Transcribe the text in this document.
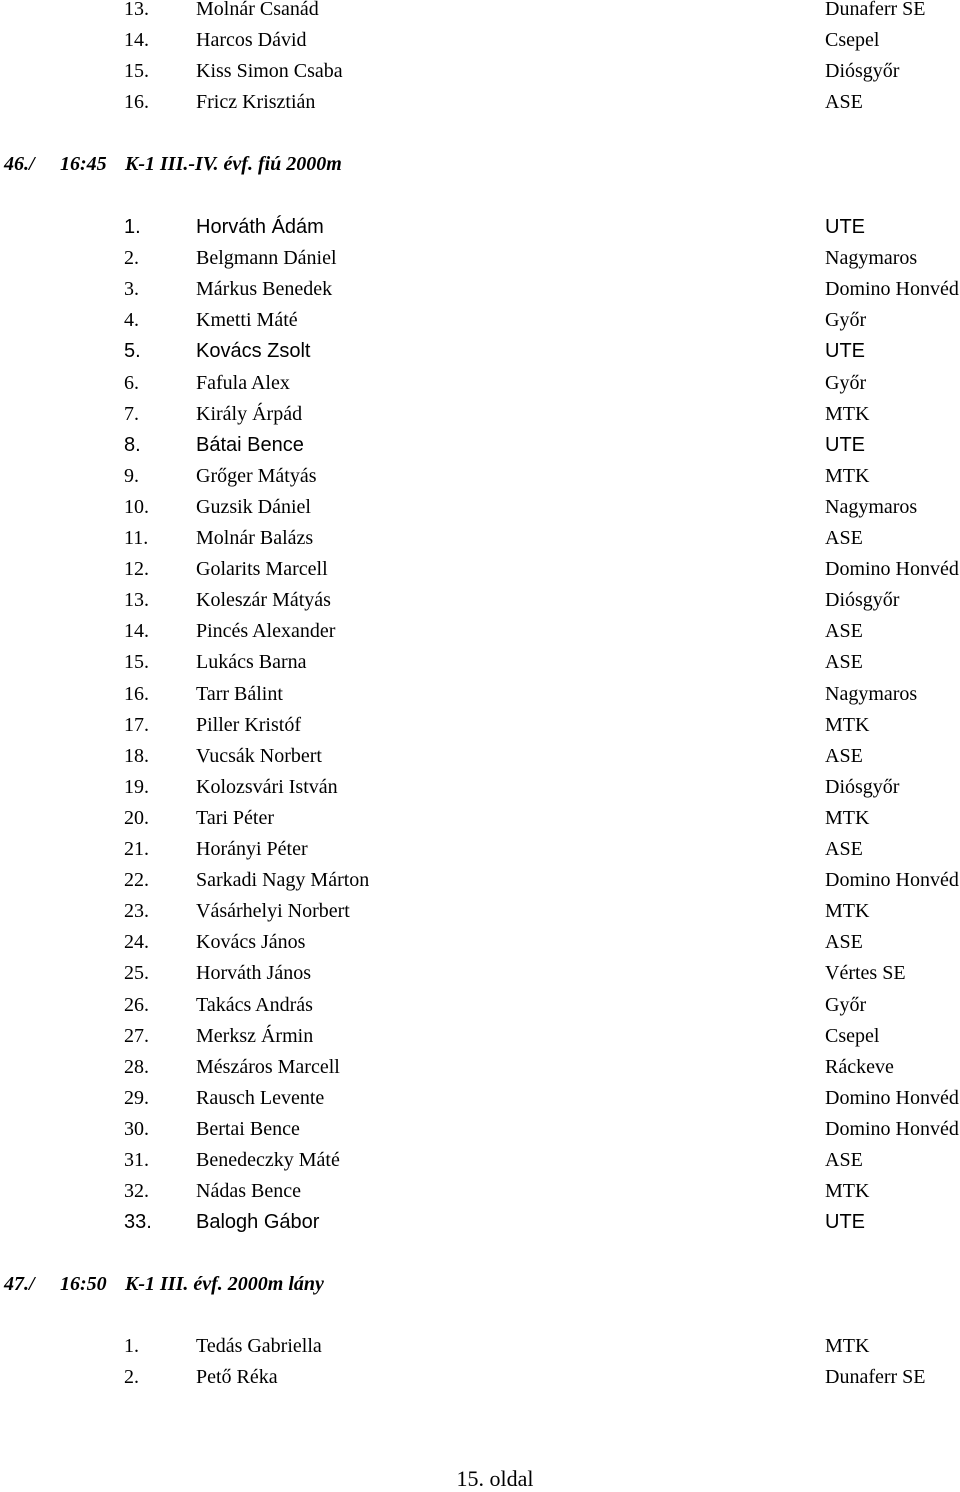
13. Molnár Csanád	Dunaferr SE
14. Harcos Dávid	Csepel
15. Kiss Simon Csaba	Diósgyőr
16. Fricz Krisztián	ASE
46./ 16:45 K-1 III.-IV. évf. fiú 2000m
1.	Horváth Ádám	UTE
2.	Belgmann Dániel	Nagymaros
3.	Márkus Benedek	Domino Honvéd
4.	Kmetti Máté	Győr
5.	Kovács Zsolt	UTE
6.	Fafula Alex	Győr
7.	Király Árpád	MTK
8.	Bátai Bence	UTE
9.	Grőger Mátyás	MTK
10. Guzsik Dániel	Nagymaros
11. Molnár Balázs	ASE
12. Golarits Marcell	Domino Honvéd
13. Koleszár Mátyás	Diósgyőr
14. Pincés Alexander	ASE
15. Lukács Barna	ASE
16. Tarr Bálint	Nagymaros
17. Piller Kristóf	MTK
18. Vucsák Norbert	ASE
19. Kolozsvári István	Diósgyőr
20. Tari Péter	MTK
21. Horányi Péter	ASE
22. Sarkadi Nagy Márton	Domino Honvéd
23. Vásárhelyi Norbert	MTK
24. Kovács János	ASE
25. Horváth János	Vértes SE
26. Takács András	Győr
27. Merksz Ármin	Csepel
28. Mészáros Marcell	Ráckeve
29. Rausch Levente	Domino Honvéd
30. Bertai Bence	Domino Honvéd
31. Benedeczky Máté	ASE
32. Nádas Bence	MTK
33. Balogh Gábor	UTE
47./ 16:50 K-1 III. évf. 2000m lány
1.	Tedás Gabriella	MTK
2.	Pető Réka	Dunaferr SE
15. oldal
